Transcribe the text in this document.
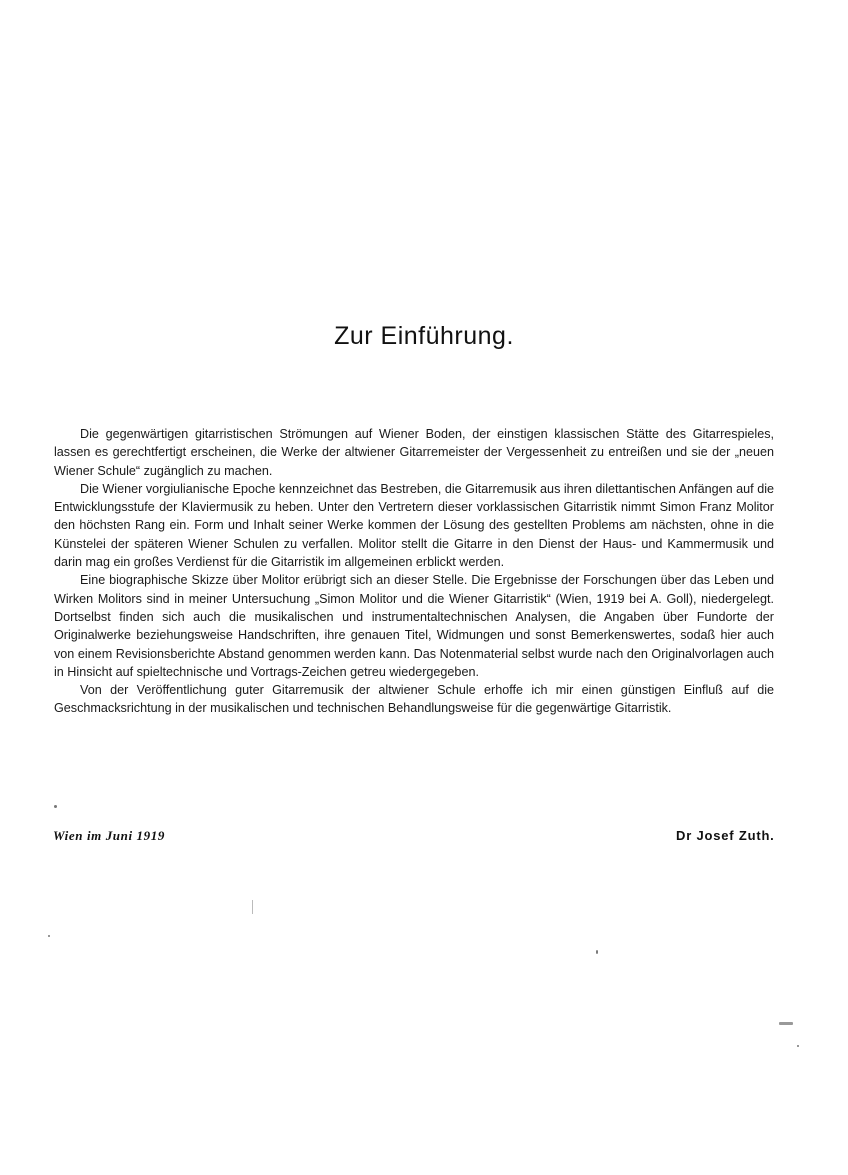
Zur Einführung.

Die gegenwärtigen gitarristischen Strömungen auf Wiener Boden, der einstigen klassischen Stätte des Gitarrespieles, lassen es gerechtfertigt erscheinen, die Werke der altwiener Gitarremeister der Vergessenheit zu entreißen und sie der „neuen Wiener Schule“ zugänglich zu machen.

Die Wiener vorgiulianische Epoche kennzeichnet das Bestreben, die Gitarremusik aus ihren dilettantischen Anfängen auf die Entwicklungsstufe der Klaviermusik zu heben. Unter den Vertretern dieser vorklassischen Gitarristik nimmt Simon Franz Molitor den höchsten Rang ein. Form und Inhalt seiner Werke kommen der Lösung des gestellten Problems am nächsten, ohne in die Künstelei der späteren Wiener Schulen zu verfallen. Molitor stellt die Gitarre in den Dienst der Haus- und Kammermusik und darin mag ein großes Verdienst für die Gitarristik im allgemeinen erblickt werden.

Eine biographische Skizze über Molitor erübrigt sich an dieser Stelle. Die Ergebnisse der Forschungen über das Leben und Wirken Molitors sind in meiner Untersuchung „Simon Molitor und die Wiener Gitarristik“ (Wien, 1919 bei A. Goll), niedergelegt. Dortselbst finden sich auch die musikalischen und instrumentaltechnischen Analysen, die Angaben über Fundorte der Originalwerke beziehungsweise Handschriften, ihre genauen Titel, Widmungen und sonst Bemerkenswertes, sodaß hier auch von einem Revisionsberichte Abstand genommen werden kann. Das Notenmaterial selbst wurde nach den Originalvorlagen auch in Hinsicht auf spieltechnische und Vortrags-Zeichen getreu wiedergegeben.

Von der Veröffentlichung guter Gitarremusik der altwiener Schule erhoffe ich mir einen günstigen Einfluß auf die Geschmacksrichtung in der musikalischen und technischen Behandlungsweise für die gegenwärtige Gitarristik.

Wien im Juni 1919	Dr Josef Zuth.
